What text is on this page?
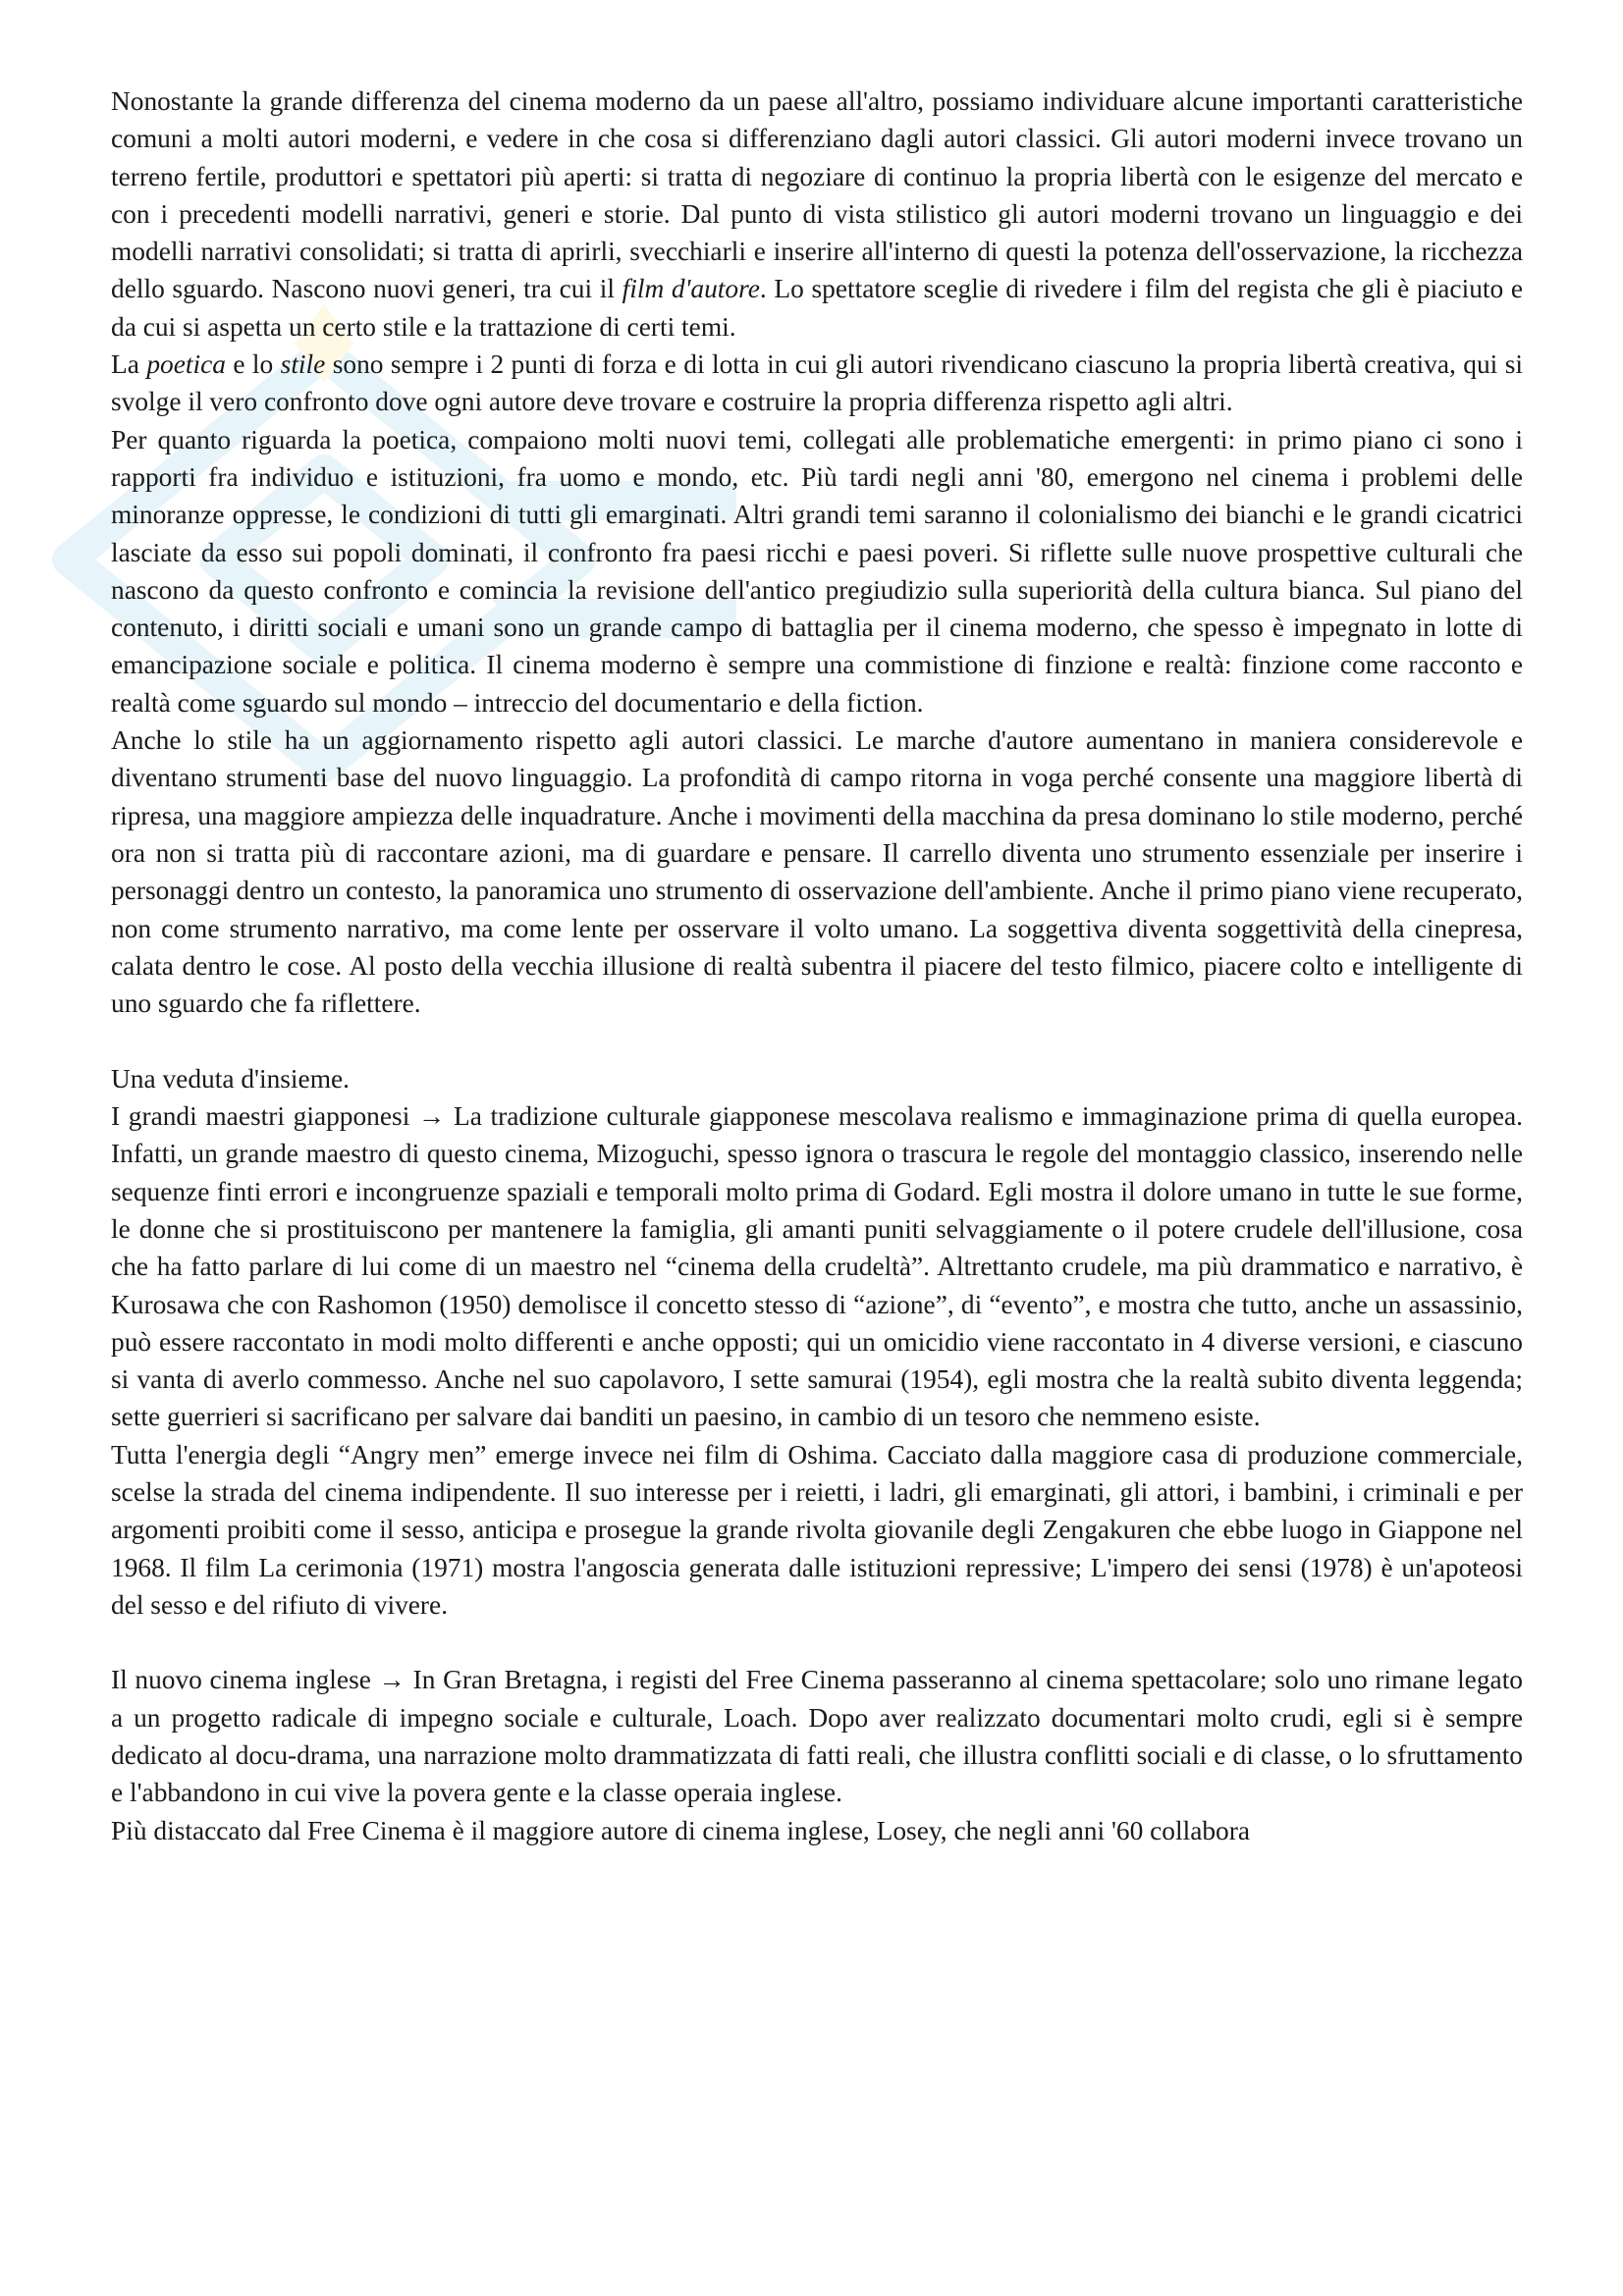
Nonostante la grande differenza del cinema moderno da un paese all'altro, possiamo individuare alcune importanti caratteristiche comuni a molti autori moderni, e vedere in che cosa si differenziano dagli autori classici. Gli autori moderni invece trovano un terreno fertile, produttori e spettatori più aperti: si tratta di negoziare di continuo la propria libertà con le esigenze del mercato e con i precedenti modelli narrativi, generi e storie. Dal punto di vista stilistico gli autori moderni trovano un linguaggio e dei modelli narrativi consolidati; si tratta di aprirli, svecchiarli e inserire all'interno di questi la potenza dell'osservazione, la ricchezza dello sguardo. Nascono nuovi generi, tra cui il film d'autore. Lo spettatore sceglie di rivedere i film del regista che gli è piaciuto e da cui si aspetta un certo stile e la trattazione di certi temi.

La poetica e lo stile sono sempre i 2 punti di forza e di lotta in cui gli autori rivendicano ciascuno la propria libertà creativa, qui si svolge il vero confronto dove ogni autore deve trovare e costruire la propria differenza rispetto agli altri.

Per quanto riguarda la poetica, compaiono molti nuovi temi, collegati alle problematiche emergenti: in primo piano ci sono i rapporti fra individuo e istituzioni, fra uomo e mondo, etc. Più tardi negli anni '80, emergono nel cinema i problemi delle minoranze oppresse, le condizioni di tutti gli emarginati. Altri grandi temi saranno il colonialismo dei bianchi e le grandi cicatrici lasciate da esso sui popoli dominati, il confronto fra paesi ricchi e paesi poveri. Si riflette sulle nuove prospettive culturali che nascono da questo confronto e comincia la revisione dell'antico pregiudizio sulla superiorità della cultura bianca. Sul piano del contenuto, i diritti sociali e umani sono un grande campo di battaglia per il cinema moderno, che spesso è impegnato in lotte di emancipazione sociale e politica. Il cinema moderno è sempre una commistione di finzione e realtà: finzione come racconto e realtà come sguardo sul mondo – intreccio del documentario e della fiction.

Anche lo stile ha un aggiornamento rispetto agli autori classici. Le marche d'autore aumentano in maniera considerevole e diventano strumenti base del nuovo linguaggio. La profondità di campo ritorna in voga perché consente una maggiore libertà di ripresa, una maggiore ampiezza delle inquadrature. Anche i movimenti della macchina da presa dominano lo stile moderno, perché ora non si tratta più di raccontare azioni, ma di guardare e pensare. Il carrello diventa uno strumento essenziale per inserire i personaggi dentro un contesto, la panoramica uno strumento di osservazione dell'ambiente. Anche il primo piano viene recuperato, non come strumento narrativo, ma come lente per osservare il volto umano. La soggettiva diventa soggettività della cinepresa, calata dentro le cose. Al posto della vecchia illusione di realtà subentra il piacere del testo filmico, piacere colto e intelligente di uno sguardo che fa riflettere.

Una veduta d'insieme.

I grandi maestri giapponesi → La tradizione culturale giapponese mescolava realismo e immaginazione prima di quella europea. Infatti, un grande maestro di questo cinema, Mizoguchi, spesso ignora o trascura le regole del montaggio classico, inserendo nelle sequenze finti errori e incongruenze spaziali e temporali molto prima di Godard. Egli mostra il dolore umano in tutte le sue forme, le donne che si prostituiscono per mantenere la famiglia, gli amanti puniti selvaggiamente o il potere crudele dell'illusione, cosa che ha fatto parlare di lui come di un maestro nel “cinema della crudeltà”. Altrettanto crudele, ma più drammatico e narrativo, è Kurosawa che con Rashomon (1950) demolisce il concetto stesso di “azione”, di “evento”, e mostra che tutto, anche un assassinio, può essere raccontato in modi molto differenti e anche opposti; qui un omicidio viene raccontato in 4 diverse versioni, e ciascuno si vanta di averlo commesso. Anche nel suo capolavoro, I sette samurai (1954), egli mostra che la realtà subito diventa leggenda; sette guerrieri si sacrificano per salvare dai banditi un paesino, in cambio di un tesoro che nemmeno esiste.

Tutta l'energia degli “Angry men” emerge invece nei film di Oshima. Cacciato dalla maggiore casa di produzione commerciale, scelse la strada del cinema indipendente. Il suo interesse per i reietti, i ladri, gli emarginati, gli attori, i bambini, i criminali e per argomenti proibiti come il sesso, anticipa e prosegue la grande rivolta giovanile degli Zengakuren che ebbe luogo in Giappone nel 1968. Il film La cerimonia (1971) mostra l'angoscia generata dalle istituzioni repressive; L'impero dei sensi (1978) è un'apoteosi del sesso e del rifiuto di vivere.

Il nuovo cinema inglese → In Gran Bretagna, i registi del Free Cinema passeranno al cinema spettacolare; solo uno rimane legato a un progetto radicale di impegno sociale e culturale, Loach. Dopo aver realizzato documentari molto crudi, egli si è sempre dedicato al docu-drama, una narrazione molto drammatizzata di fatti reali, che illustra conflitti sociali e di classe, o lo sfruttamento e l'abbandono in cui vive la povera gente e la classe operaia inglese.

Più distaccato dal Free Cinema è il maggiore autore di cinema inglese, Losey, che negli anni '60 collabora
